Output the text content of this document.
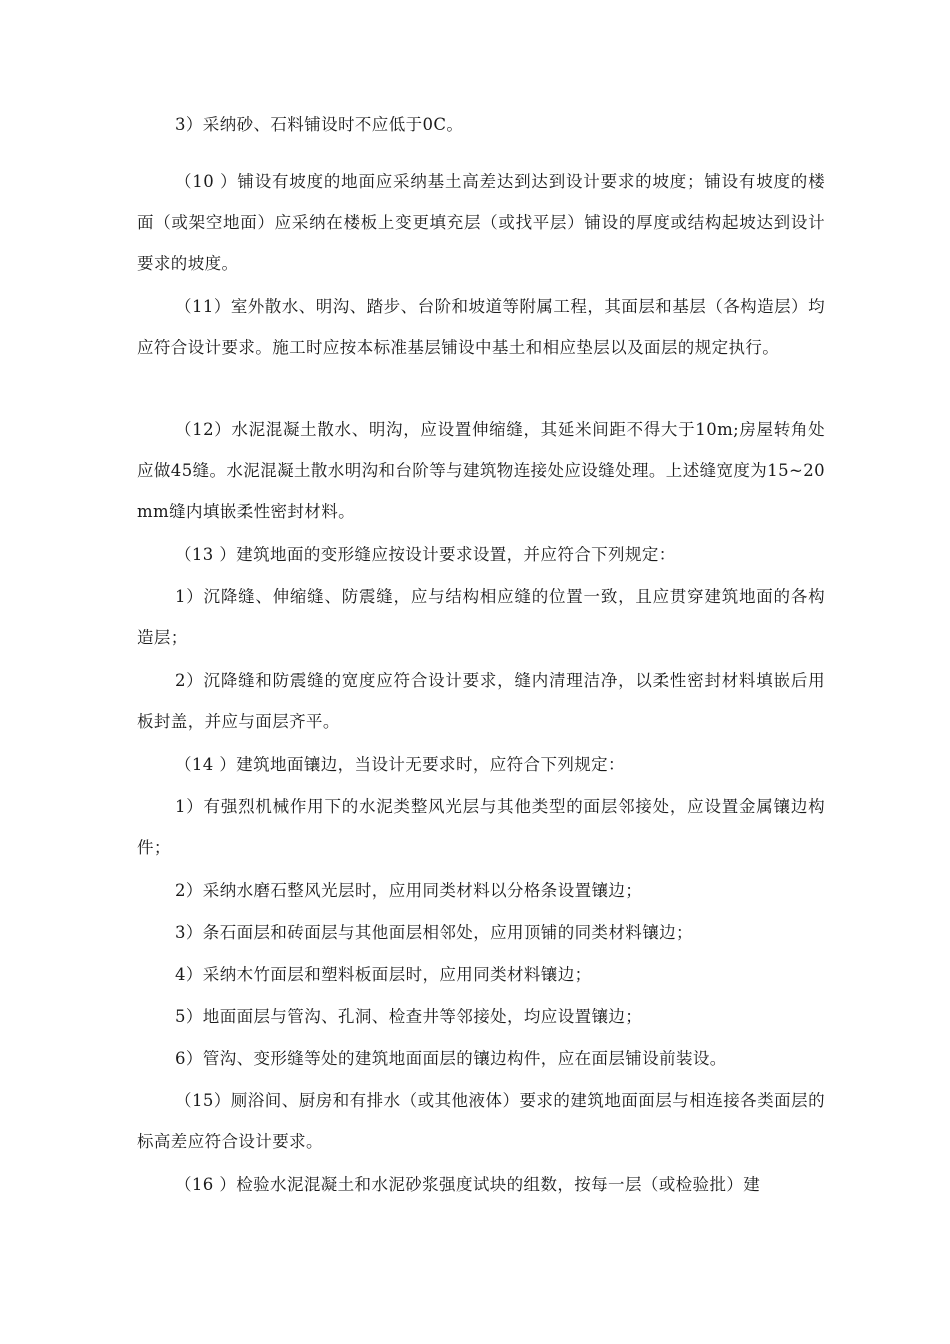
3）采纳砂、石料铺设时不应低于0C。

（10 ）铺设有坡度的地面应采纳基土高差达到达到设计要求的坡度；铺设有坡度的楼面（或架空地面）应采纳在楼板上变更填充层（或找平层）铺设的厚度或结构起坡达到设计要求的坡度。

（11）室外散水、明沟、踏步、台阶和坡道等附属工程，其面层和基层（各构造层）均应符合设计要求。施工时应按本标准基层铺设中基土和相应垫层以及面层的规定执行。

（12）水泥混凝土散水、明沟，应设置伸缩缝，其延米间距不得大于10m;房屋转角处应做45缝。水泥混凝土散水明沟和台阶等与建筑物连接处应设缝处理。上述缝宽度为15~20mm缝内填嵌柔性密封材料。

（13 ）建筑地面的变形缝应按设计要求设置，并应符合下列规定：

1）沉降缝、伸缩缝、防震缝，应与结构相应缝的位置一致，且应贯穿建筑地面的各构造层；

2）沉降缝和防震缝的宽度应符合设计要求，缝内清理洁净，以柔性密封材料填嵌后用板封盖，并应与面层齐平。

（14 ）建筑地面镶边，当设计无要求时，应符合下列规定：

1）有强烈机械作用下的水泥类整风光层与其他类型的面层邻接处，应设置金属镶边构件；

2）采纳水磨石整风光层时，应用同类材料以分格条设置镶边；

3）条石面层和砖面层与其他面层相邻处，应用顶铺的同类材料镶边；

4）采纳木竹面层和塑料板面层时，应用同类材料镶边；

5）地面面层与管沟、孔洞、检查井等邻接处，均应设置镶边；

6）管沟、变形缝等处的建筑地面面层的镶边构件，应在面层铺设前装设。

（15）厕浴间、厨房和有排水（或其他液体）要求的建筑地面面层与相连接各类面层的标高差应符合设计要求。

（16 ）检验水泥混凝土和水泥砂浆强度试块的组数，按每一层（或检验批）建
